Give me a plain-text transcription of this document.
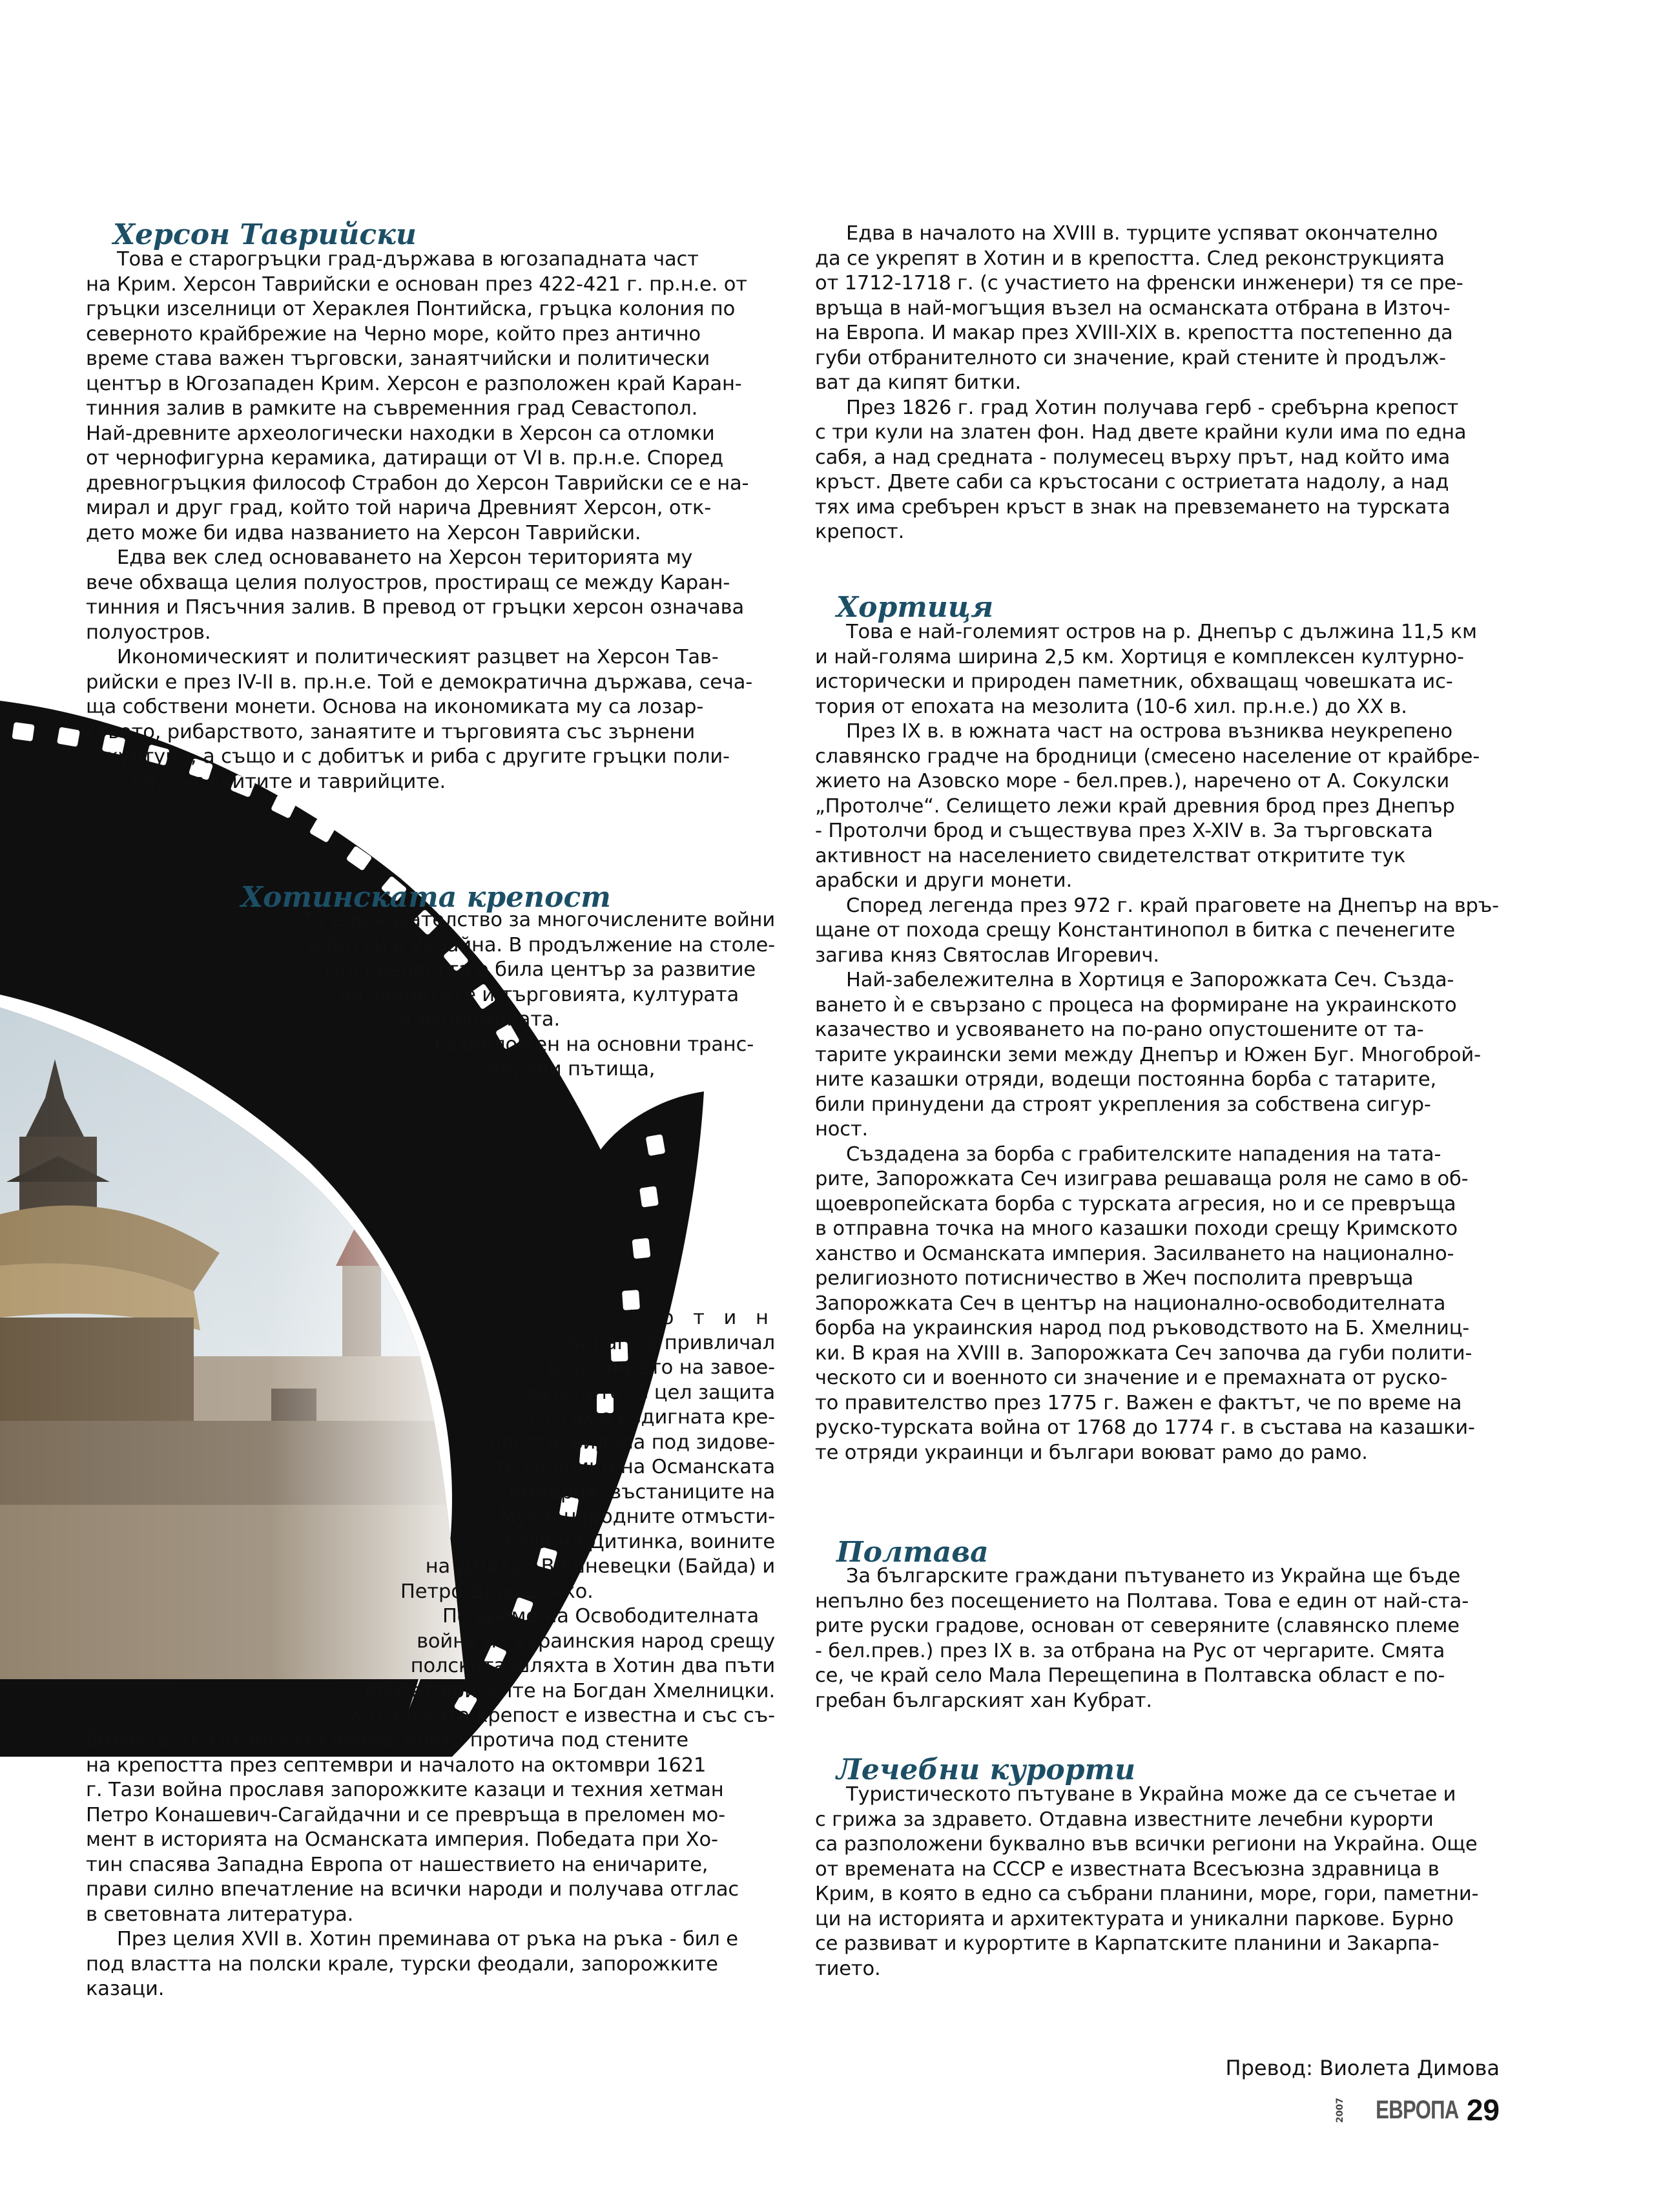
Херсон Таврийски
Това е старогръцки град-държава в югозападната част
на Крим. Херсон Таврийски е основан през 422-421 г. пр.н.е. от
гръцки изселници от Хераклея Понтийска, гръцка колония по
северното крайбрежие на Черно море, който през антично
време става важен търговски, занаятчийски и политически
център в Югозападен Крим. Херсон е разположен край Каран-
тинния залив в рамките на съвременния град Севастопол.
Най-древните археологически находки в Херсон са отломки
от чернофигурна керамика, датиращи от VI в. пр.н.е. Според
древногръцкия философ Страбон до Херсон Таврийски се е на-
мирал и друг град, който той нарича Древният Херсон, отк-
дето може би идва названието на Херсон Таврийски.
Едва век след основаването на Херсон територията му
вече обхваща целия полуостров, простиращ се между Каран-
тинния и Пясъчния залив. В превод от гръцки херсон означава
полуостров.
Икономическият и политическият разцвет на Херсон Тав-
рийски е през IV-II в. пр.н.е. Той е демократична държава, сеча-
ща собствени монети. Основа на икономиката му са лозар-
ството, рибарството, занаятите и търговията със зърнени
култури, а също и с добитък и риба с другите гръцки поли-
си, със скитите и таврийците.
Хотинската крепост
Тя е доказателство за многочислените войни
и битки в Украйна. В продължение на столе-
тия крепостта е била център за развитие
на занаятите и търговията, културата
и икономиката.
Разположен на основни транс-
портни пътища,
Х о т и н
винаги е привличал
вниманието на завое-
вателите. С цел защита
от тях е издигната кре-
постта, видяла под зидове-
те си воини на Османската
империя, въстаниците на
Муха, народните отмъсти-
тели на Дитинка, воините
на Дмитро Вишневецки (Байда) и
Петро Дорошенко.
По време на Освободителната
война на украинския народ срещу
полската шляхта в Хотин два пъти
влизат войските на Богдан Хмелницки.
Хотинската крепост е известна и със съ-
битията от Хотинската война, която протича под стените
на крепостта през септември и началото на октомври 1621
г. Тази война прославя запорожките казаци и техния хетман
Петро Конашевич-Сагайдачни и се превръща в преломен мо-
мент в историята на Османската империя. Победата при Хо-
тин спасява Западна Европа от нашествието на еничарите,
прави силно впечатление на всички народи и получава отглас
в световната литература.
През целия XVII в. Хотин преминава от ръка на ръка - бил е
под властта на полски крале, турски феодали, запорожките
казаци.
Едва в началото на XVIII в. турците успяват окончателно
да се укрепят в Хотин и в крепостта. След реконструкцията
от 1712-1718 г. (с участието на френски инженери) тя се пре-
връща в най-могъщия възел на османската отбрана в Източ-
на Европа. И макар през XVIII-XIX в. крепостта постепенно да
губи отбранителното си значение, край стените ѝ продълж-
ват да кипят битки.
През 1826 г. град Хотин получава герб - сребърна крепост
с три кули на златен фон. Над двете крайни кули има по една
сабя, а над средната - полумесец върху прът, над който има
кръст. Двете саби са кръстосани с остриетата надолу, а над
тях има сребърен кръст в знак на превземането на турската
крепост.
Хортиця
Това е най-големият остров на р. Днепър с дължина 11,5 км
и най-голяма ширина 2,5 км. Хортиця е комплексен културно-
исторически и природен паметник, обхващащ човешката ис-
тория от епохата на мезолита (10-6 хил. пр.н.е.) до XX в.
През IX в. в южната част на острова възниква неукрепено
славянско градче на бродници (смесено население от крайбре-
жието на Азовско море - бел.прев.), наречено от А. Сокулски
„Протолче“. Селището лежи край древния брод през Днепър
- Протолчи брод и съществува през X-XIV в. За търговската
активност на населението свидетелстват откритите тук
арабски и други монети.
Според легенда през 972 г. край праговете на Днепър на връ-
щане от похода срещу Константинопол в битка с печенегите
загива княз Святослав Игоревич.
Най-забележителна в Хортиця е Запорожката Сеч. Създа-
ването ѝ е свързано с процеса на формиране на украинското
казачество и усвояването на по-рано опустошените от та-
тарите украински земи между Днепър и Южен Буг. Многоброй-
ните казашки отряди, водещи постоянна борба с татарите,
били принудени да строят укрепления за собствена сигур-
ност.
Създадена за борба с грабителските нападения на тата-
рите, Запорожката Сеч изиграва решаваща роля не само в об-
щоевропейската борба с турската агресия, но и се превръща
в отправна точка на много казашки походи срещу Кримското
ханство и Османската империя. Засилването на национално-
религиозното потисничество в Жеч посполита превръща
Запорожката Сеч в център на национално-освободителната
борба на украинския народ под ръководството на Б. Хмелниц-
ки. В края на XVIII в. Запорожката Сеч започва да губи полити-
ческото си и военното си значение и е премахната от руско-
то правителство през 1775 г. Важен е фактът, че по време на
руско-турската война от 1768 до 1774 г. в състава на казашки-
те отряди украинци и българи воюват рамо до рамо.
Полтава
За българските граждани пътуването из Украйна ще бъде
непълно без посещението на Полтава. Това е един от най-ста-
рите руски градове, основан от северяните (славянско племе
- бел.прев.) през IX в. за отбрана на Рус от чергарите. Смята
се, че край село Мала Перещепина в Полтавска област е по-
гребан българският хан Кубрат.
Лечебни курорти
Туристическото пътуване в Украйна може да се съчетае и
с грижа за здравето. Отдавна известните лечебни курорти
са разположени буквално във всички региони на Украйна. Още
от времената на СССР е известната Всесъюзна здравница в
Крим, в която в едно са събрани планини, море, гори, паметни-
ци на историята и архитектурата и уникални паркове. Бурно
се развиват и курортите в Карпатските планини и Закарпа-
тието.
Превод: Виолета Димова
2007 ЕВРОПА 29
